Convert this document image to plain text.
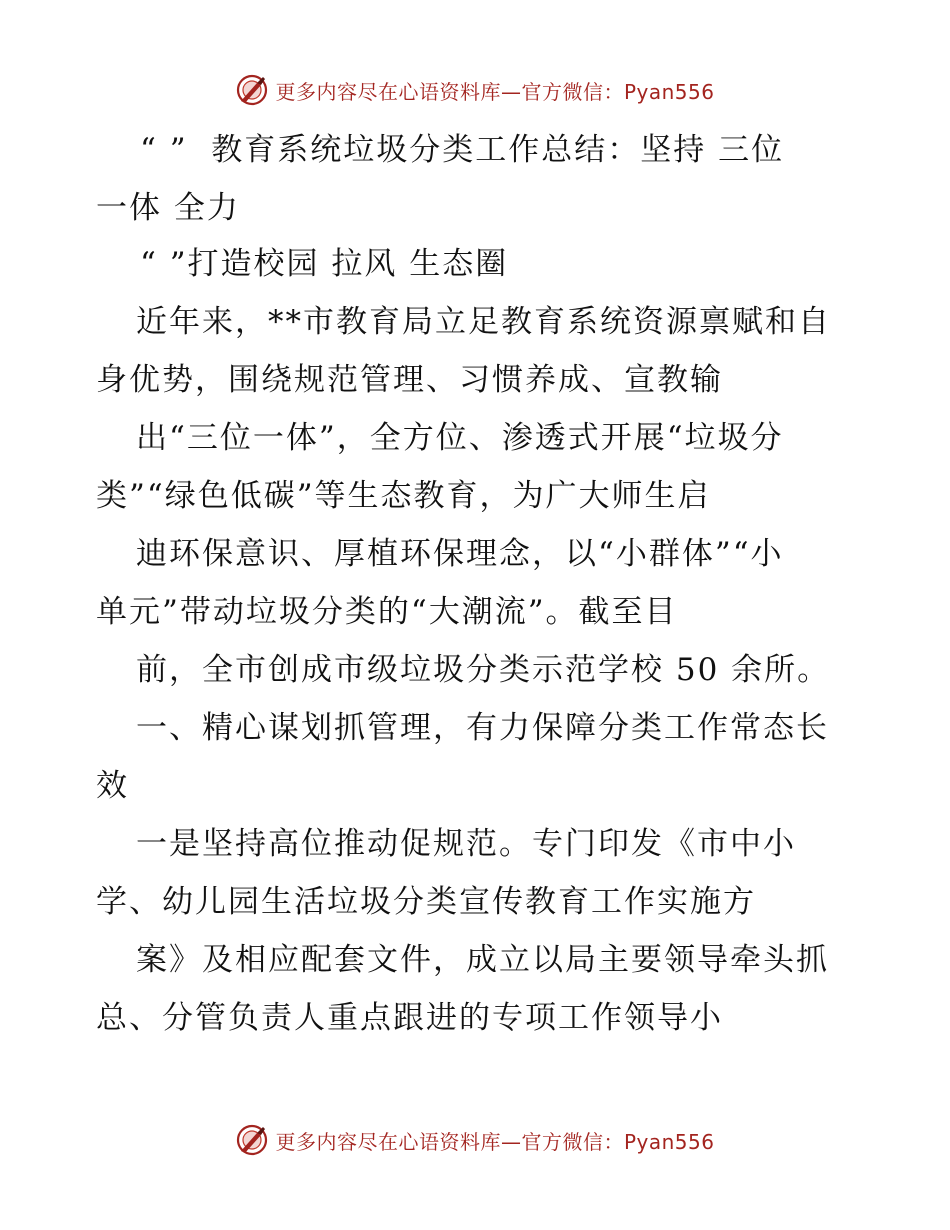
更多内容尽在心语资料库—官方微信：Pyan556
“ ”  教育系统垃圾分类工作总结：坚持 三位
一体 全力
“ ”打造校园 拉风 生态圈
近年来，**市教育局立足教育系统资源禀赋和自
身优势，围绕规范管理、习惯养成、宣教输
出“三位一体”，全方位、渗透式开展“垃圾分
类”“绿色低碳”等生态教育，为广大师生启
迪环保意识、厚植环保理念，以“小群体”“小
单元”带动垃圾分类的“大潮流”。截至目
前，全市创成市级垃圾分类示范学校 50 余所。
一、精心谋划抓管理，有力保障分类工作常态长
效
一是坚持高位推动促规范。专门印发《市中小
学、幼儿园生活垃圾分类宣传教育工作实施方
案》及相应配套文件，成立以局主要领导牵头抓
总、分管负责人重点跟进的专项工作领导小
更多内容尽在心语资料库—官方微信：Pyan556
